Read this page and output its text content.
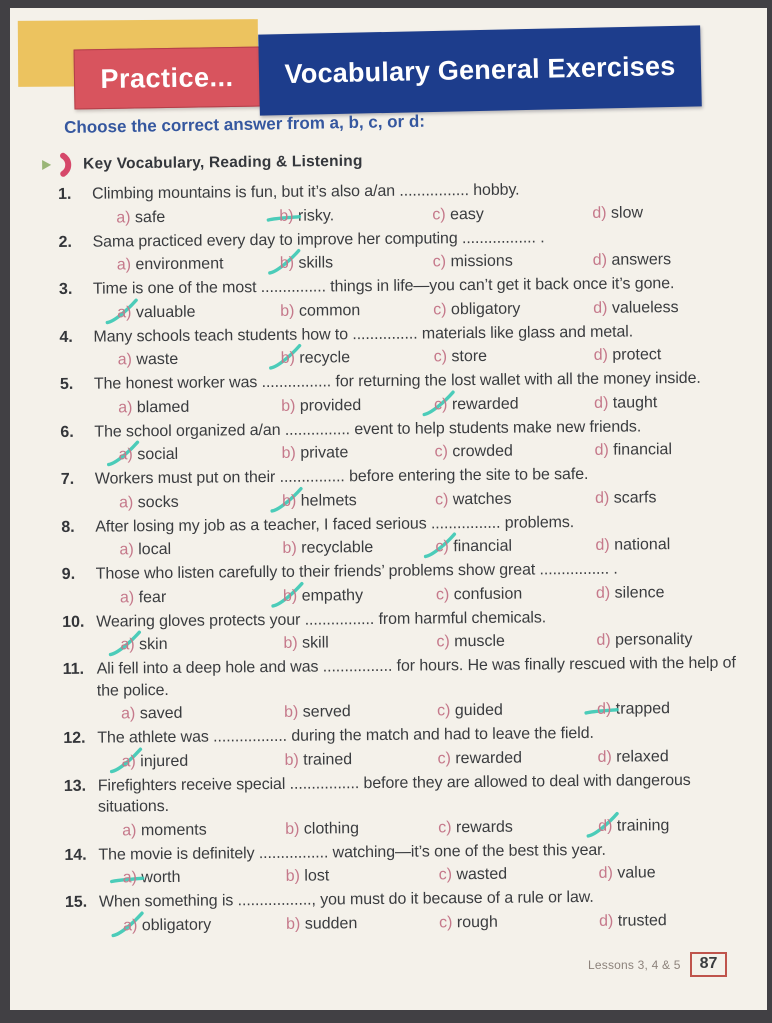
Practice... Vocabulary General Exercises
Choose the correct answer from a, b, c, or d:
Key Vocabulary, Reading & Listening
1.	Climbing mountains is fun, but it’s also a/an ................ hobby.
a) safe	b) risky.	c) easy	d) slow
2.	Sama practiced every day to improve her computing ................. .
a) environment	b) skills	c) missions	d) answers
3.	Time is one of the most ............... things in life—you can’t get it back once it’s gone.
a) valuable	b) common	c) obligatory	d) valueless
4.	Many schools teach students how to ............... materials like glass and metal.
a) waste	b) recycle	c) store	d) protect
5.	The honest worker was ................ for returning the lost wallet with all the money inside.
a) blamed	b) provided	c) rewarded	d) taught
6.	The school organized a/an ............... event to help students make new friends.
a) social	b) private	c) crowded	d) financial
7.	Workers must put on their ............... before entering the site to be safe.
a) socks	b) helmets	c) watches	d) scarfs
8.	After losing my job as a teacher, I faced serious ................ problems.
a) local	b) recyclable	c) financial	d) national
9.	Those who listen carefully to their friends’ problems show great ................ .
a) fear	b) empathy	c) confusion	d) silence
10. Wearing gloves protects your ................ from harmful chemicals.
a) skin	b) skill	c) muscle	d) personality
11. Ali fell into a deep hole and was ................ for hours. He was finally rescued with the help of the police.
a) saved	b) served	c) guided	d) trapped
12. The athlete was ................. during the match and had to leave the field.
a) injured	b) trained	c) rewarded	d) relaxed
13. Firefighters receive special ................ before they are allowed to deal with dangerous situations.
a) moments	b) clothing	c) rewards	d) training
14. The movie is definitely ................ watching—it’s one of the best this year.
a) worth	b) lost	c) wasted	d) value
15. When something is ................., you must do it because of a rule or law.
a) obligatory	b) sudden	c) rough	d) trusted
Lessons 3, 4 & 5	87
